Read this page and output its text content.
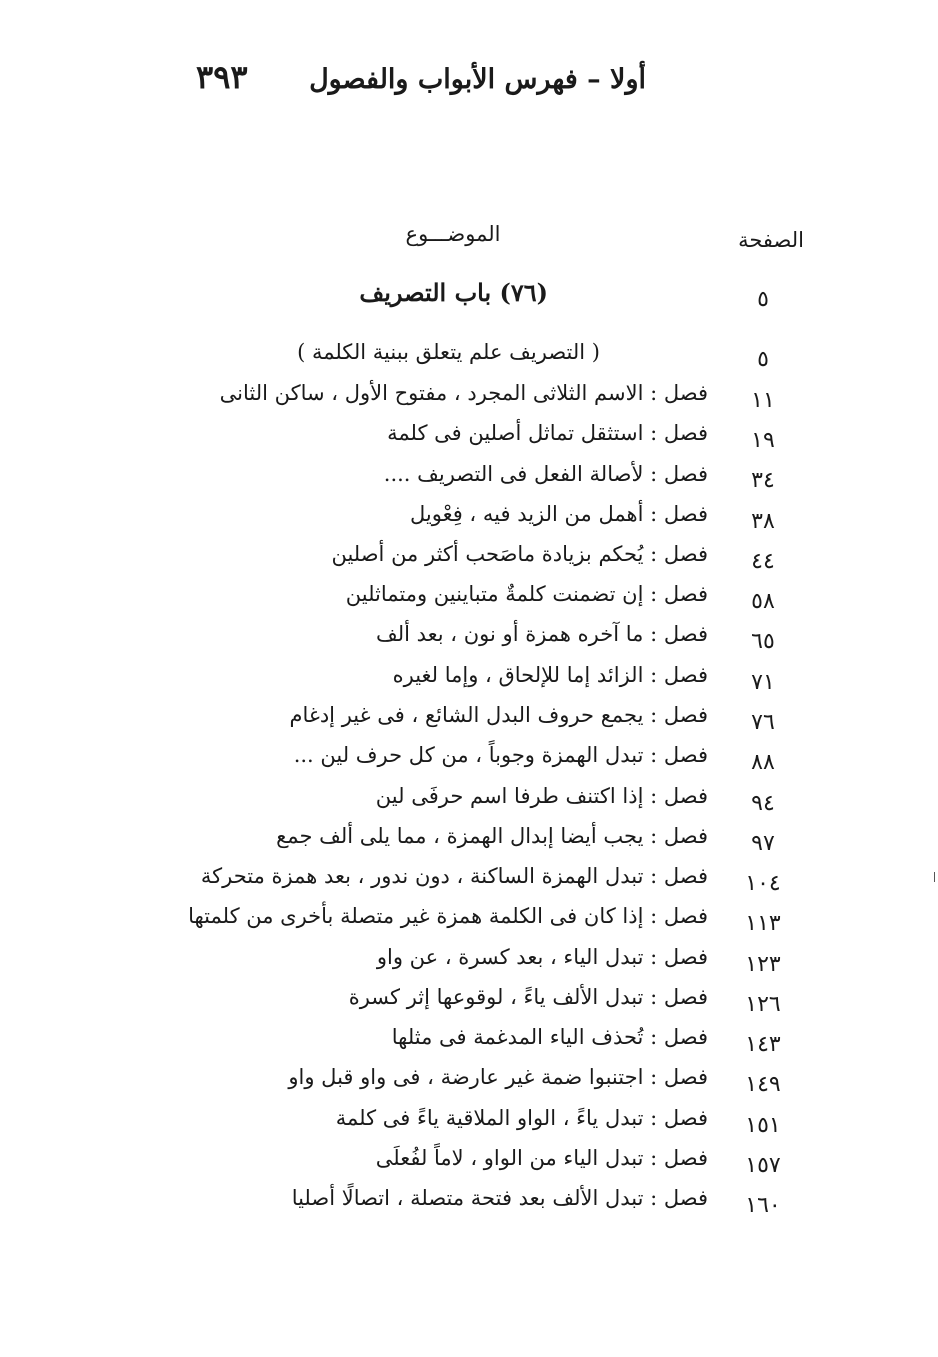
٣٩٣ أولا – فهرس الأبواب والفصول
الصفحة
الموضـــوع
٥
(٧٦) باب التصريف
٥
( التصريف علم يتعلق ببنية الكلمة )
١١
فصل : الاسم الثلاثى المجرد ، مفتوح الأول ، ساكن الثانى
١٩
فصل : استثقل تماثل أصلين فى كلمة
٣٤
فصل : لأصالة الفعل فى التصريف ....
٣٨
فصل : أهمل من الزيد فيه ، فِعْويل
٤٤
فصل : يُحكم بزيادة ماصَحب أكثر من أصلين
٥٨
فصل : إن تضمنت كلمةٌ متباينين ومتماثلين
٦٥
فصل : ما آخره همزة أو نون ، بعد ألف
٧١
فصل : الزائد إما للإلحاق ، وإما لغيره
٧٦
فصل : يجمع حروف البدل الشائع ، فى غير إدغام
٨٨
فصل : تبدل الهمزة وجوباً ، من كل حرف لين ...
٩٤
فصل : إذا اكتنف طرفا اسم حرفَى لين
٩٧
فصل : يجب أيضا إبدال الهمزة ، مما يلى ألف جمع
١٠٤
فصل : تبدل الهمزة الساكنة ، دون ندور ، بعد همزة متحركة
١١٣
فصل : إذا كان فى الكلمة همزة غير متصلة بأخرى من كلمتها
١٢٣
فصل : تبدل الياء ، بعد كسرة ، عن واو
١٢٦
فصل : تبدل الألف ياءً ، لوقوعها إثر كسرة
١٤٣
فصل : تُحذف الياء المدغمة فى مثلها
١٤٩
فصل : اجتنبوا ضمة غير عارضة ، فى واو قبل واو
١٥١
فصل : تبدل ياءً ، الواو الملاقية ياءً فى كلمة
١٥٧
فصل : تبدل الياء من الواو ، لاماً لفُعلَى
١٦٠
فصل : تبدل الألف بعد فتحة متصلة ، اتصالًا أصليا
